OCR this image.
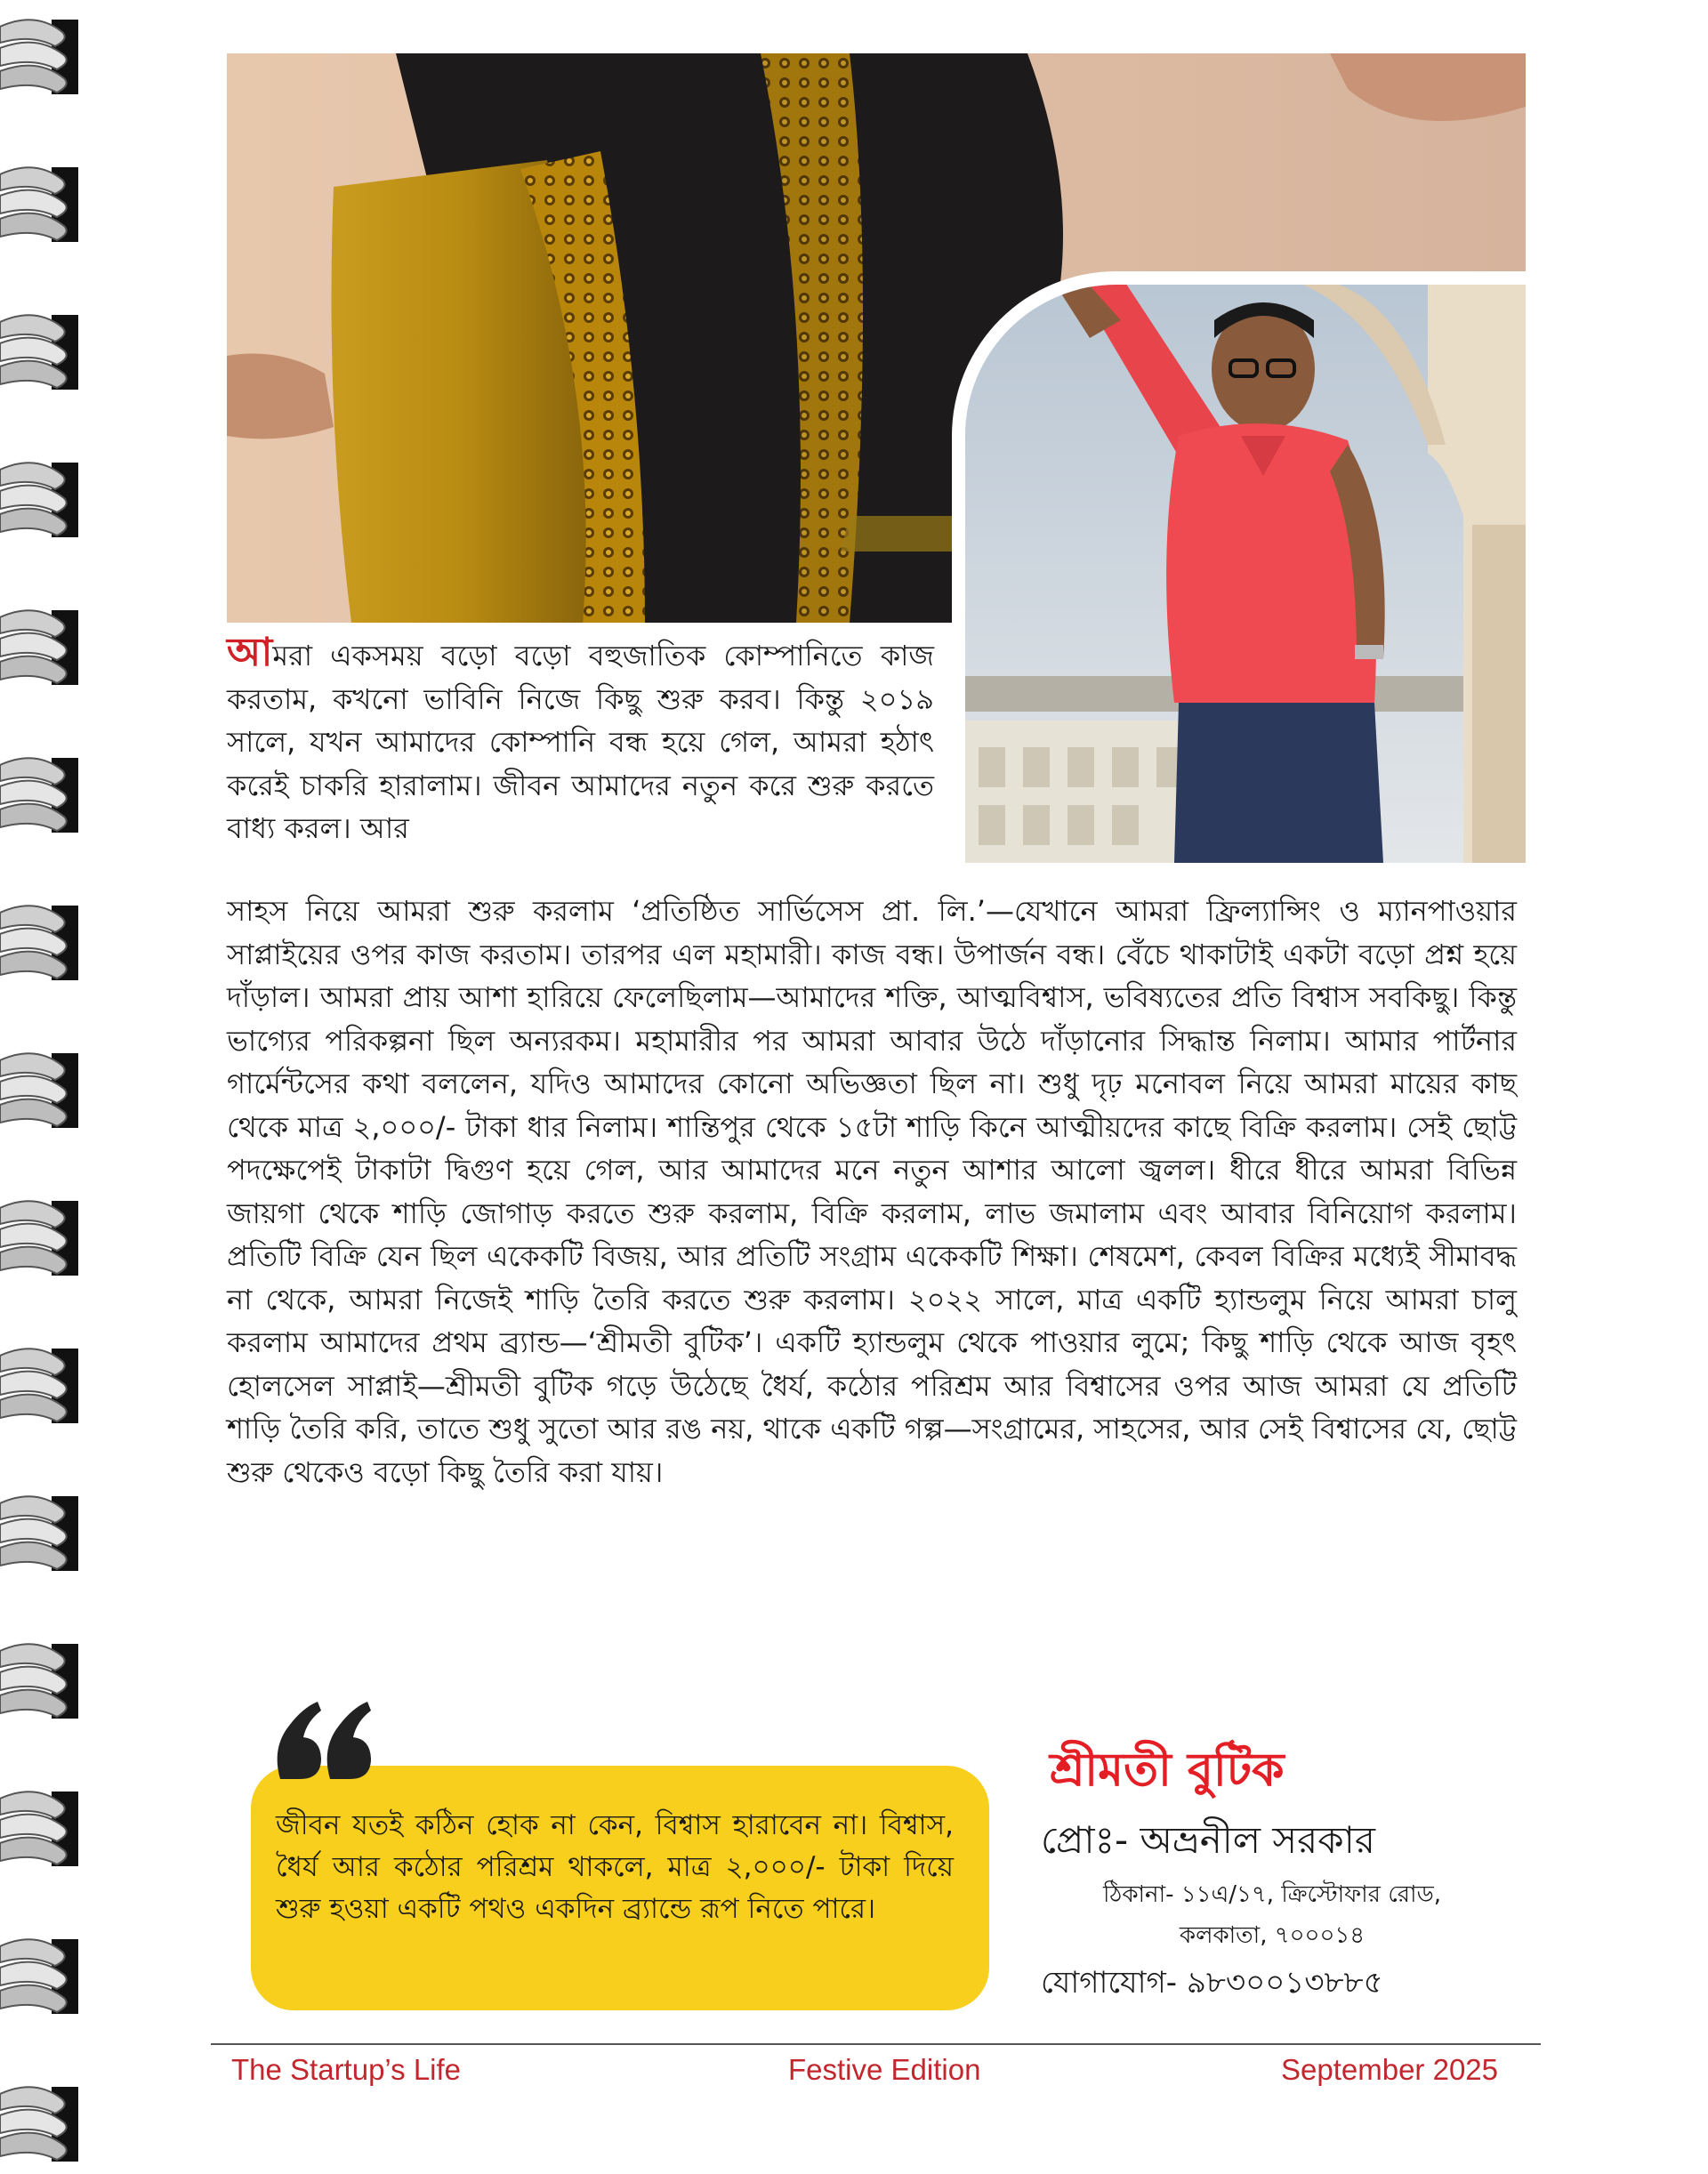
আমরা একসময় বড়ো বড়ো বহুজাতিক কোম্পানিতে কাজ করতাম, কখনো ভাবিনি নিজে কিছু শুরু করব। কিন্তু ২০১৯ সালে, যখন আমাদের কোম্পানি বন্ধ হয়ে গেল, আমরা হঠাৎ করেই চাকরি হারালাম। জীবন আমাদের নতুন করে শুরু করতে বাধ্য করল। আর

সাহস নিয়ে আমরা শুরু করলাম ‘প্রতিষ্ঠিত সার্ভিসেস প্রা. লি.’—যেখানে আমরা ফ্রিল্যান্সিং ও ম্যানপাওয়ার সাপ্লাইয়ের ওপর কাজ করতাম। তারপর এল মহামারী। কাজ বন্ধ। উপার্জন বন্ধ। বেঁচে থাকাটাই একটা বড়ো প্রশ্ন হয়ে দাঁড়াল। আমরা প্রায় আশা হারিয়ে ফেলেছিলাম—আমাদের শক্তি, আত্মবিশ্বাস, ভবিষ্যতের প্রতি বিশ্বাস সবকিছু। কিন্তু ভাগ্যের পরিকল্পনা ছিল অন্যরকম। মহামারীর পর আমরা আবার উঠে দাঁড়ানোর সিদ্ধান্ত নিলাম। আমার পার্টনার গার্মেন্টসের কথা বললেন, যদিও আমাদের কোনো অভিজ্ঞতা ছিল না। শুধু দৃঢ় মনোবল নিয়ে আমরা মায়ের কাছ থেকে মাত্র ২,০০০/- টাকা ধার নিলাম। শান্তিপুর থেকে ১৫টা শাড়ি কিনে আত্মীয়দের কাছে বিক্রি করলাম। সেই ছোট্ট পদক্ষেপেই টাকাটা দ্বিগুণ হয়ে গেল, আর আমাদের মনে নতুন আশার আলো জ্বলল। ধীরে ধীরে আমরা বিভিন্ন জায়গা থেকে শাড়ি জোগাড় করতে শুরু করলাম, বিক্রি করলাম, লাভ জমালাম এবং আবার বিনিয়োগ করলাম। প্রতিটি বিক্রি যেন ছিল একেকটি বিজয়, আর প্রতিটি সংগ্রাম একেকটি শিক্ষা। শেষমেশ, কেবল বিক্রির মধ্যেই সীমাবদ্ধ না থেকে, আমরা নিজেই শাড়ি তৈরি করতে শুরু করলাম। ২০২২ সালে, মাত্র একটি হ্যান্ডলুম নিয়ে আমরা চালু করলাম আমাদের প্রথম ব্র্যান্ড—‘শ্রীমতী বুটিক’। একটি হ্যান্ডলুম থেকে পাওয়ার লুমে; কিছু শাড়ি থেকে আজ বৃহৎ হোলসেল সাপ্লাই—শ্রীমতী বুটিক গড়ে উঠেছে ধৈর্য, কঠোর পরিশ্রম আর বিশ্বাসের ওপর আজ আমরা যে প্রতিটি শাড়ি তৈরি করি, তাতে শুধু সুতো আর রঙ নয়, থাকে একটি গল্প—সংগ্রামের, সাহসের, আর সেই বিশ্বাসের যে, ছোট্ট শুরু থেকেও বড়ো কিছু তৈরি করা যায়।

জীবন যতই কঠিন হোক না কেন, বিশ্বাস হারাবেন না। বিশ্বাস, ধৈর্য আর কঠোর পরিশ্রম থাকলে, মাত্র ২,০০০/- টাকা দিয়ে শুরু হওয়া একটি পথও একদিন ব্র্যান্ডে রূপ নিতে পারে।

শ্রীমতী বুটিক

প্রোঃ- অভ্রনীল সরকার

ঠিকানা- ১১এ/১৭, ক্রিস্টোফার রোড,
কলকাতা, ৭০০০১৪

যোগাযোগ- ৯৮৩০০১৩৮৮৫

The Startup’s Life	Festive Edition	September 2025
